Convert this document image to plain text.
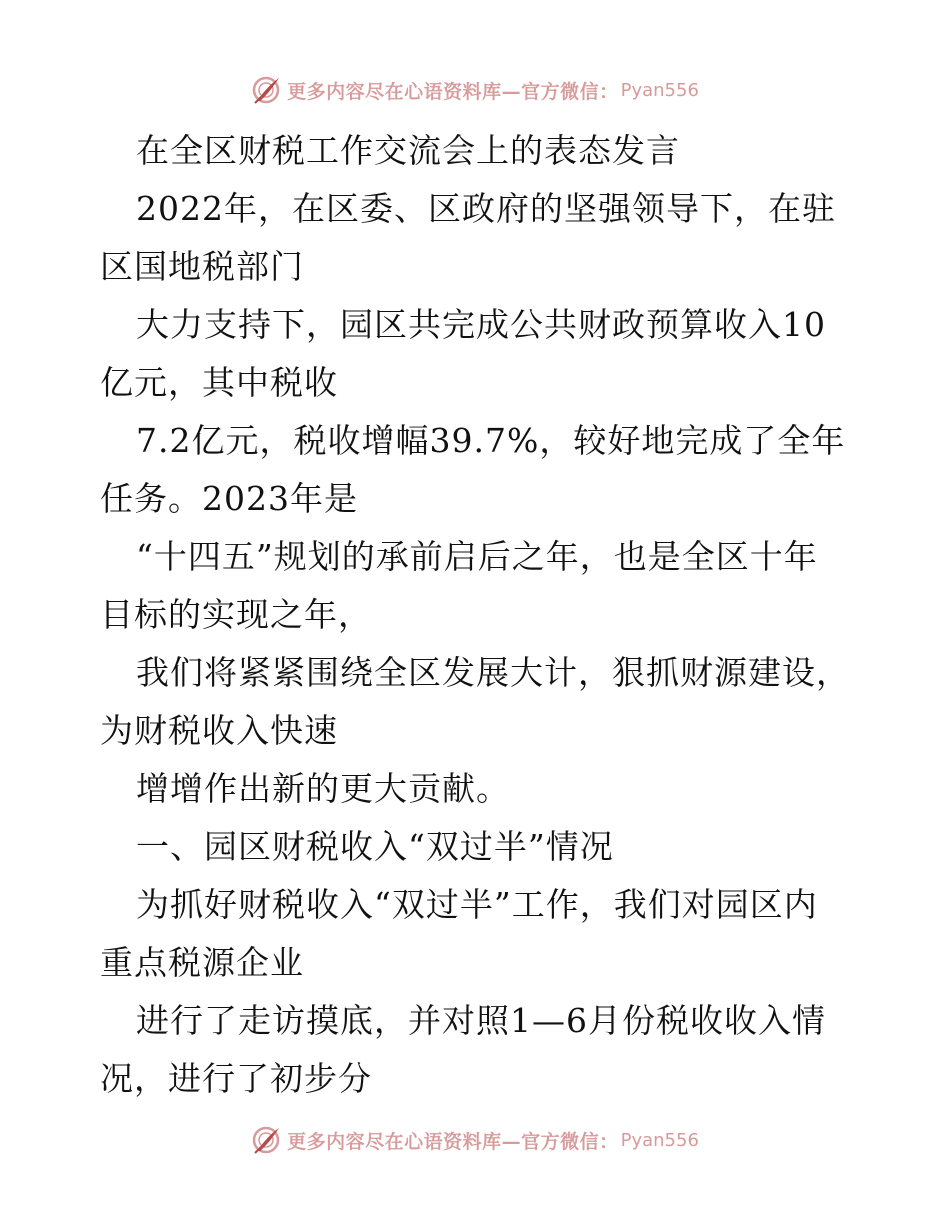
更多内容尽在心语资料库—官方微信： Pyan556

在全区财税工作交流会上的表态发言

2022年，在区委、区政府的坚强领导下，在驻

区国地税部门

大力支持下，园区共完成公共财政预算收入10

亿元，其中税收

7.2亿元，税收增幅39.7%，较好地完成了全年

任务。2023年是

“十四五”规划的承前启后之年，也是全区十年

目标的实现之年，

我们将紧紧围绕全区发展大计，狠抓财源建设，

为财税收入快速

增增作出新的更大贡献。

一、园区财税收入“双过半”情况

为抓好财税收入“双过半”工作，我们对园区内

重点税源企业

进行了走访摸底，并对照1—6月份税收收入情

况，进行了初步分

更多内容尽在心语资料库—官方微信： Pyan556
